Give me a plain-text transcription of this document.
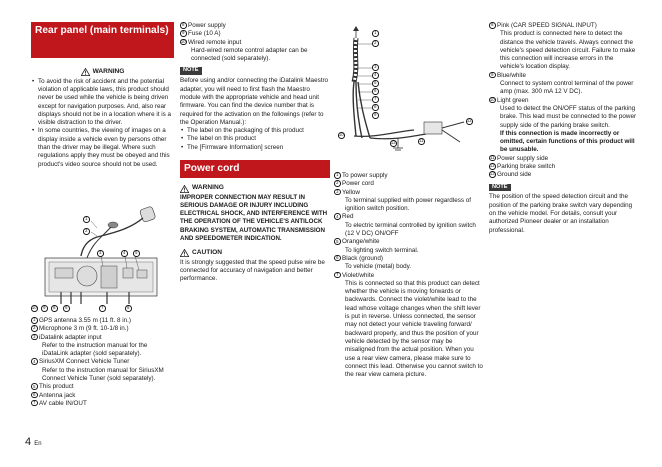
Rear panel (main terminals)
WARNING
• To avoid the risk of accident and the potential violation of applicable laws, this product should never be used while the vehicle is being driven except for navigation purposes. And, also rear displays should not be in a location where it is a visible distraction to the driver.
• In some countries, the viewing of images on a display inside a vehicle even by persons other than the driver may be illegal. Where such regulations apply they must be obeyed and this product's video source should not be used.
1
2
3	4	5
10	9	8	6	7	8
1 GPS antenna 3.55 m (11 ft. 8 in.)
2 Microphone 3 m (9 ft. 10-1/8 in.)
3 iDatalink adapter input
Refer to the instruction manual for the iDataLink adapter (sold separately).
4 SiriusXM Connect Vehicle Tuner
Refer to the instruction manual for SiriusXM Connect Vehicle Tuner (sold separately).
5 This product
6 Antenna jack
7 AV cable IN/OUT
8 Power supply
9 Fuse (10 A)
10 Wired remote input
Hard-wired remote control adapter can be connected (sold separately).
NOTE

Before using and/or connecting the iDatalink Maestro adapter, you will need to first flash the Maestro module with the appropriate vehicle and head unit firmware. You can find the device number that is required for the activation on the followings (refer to the Operation Manual.):

• The label on the packaging of this product
• The label on this product
• The [Firmware Information] screen
Power cord
WARNING

IMPROPER CONNECTION MAY RESULT IN SERIOUS DAMAGE OR INJURY INCLUDING ELECTRICAL SHOCK, AND INTERFERENCE WITH THE OPERATION OF THE VEHICLE'S ANTILOCK BRAKING SYSTEM, AUTOMATIC TRANSMISSION AND SPEEDOMETER INDICATION.

CAUTION

It is strongly suggested that the speed pulse wire be connected for accuracy of navigation and better performance.

1
2
3
4
5
6
7
8
9
10
11
12
13
1 To power supply
2 Power cord
3 Yellow
To terminal supplied with power regardless of ignition switch position.
4 Red
To electric terminal controlled by ignition switch (12 V DC) ON/OFF
5 Orange/white
To lighting switch terminal.
6 Black (ground)
To vehicle (metal) body.
7 Violet/white
This is connected so that this product can detect whether the vehicle is moving forwards or backwards. Connect the violet/white lead to the lead whose voltage changes when the shift lever is put in reverse. Unless connected, the sensor may not detect your vehicle traveling forward/ backward properly, and thus the position of your vehicle detected by the sensor may be misaligned from the actual position. When you use a rear view camera, please make sure to connect this lead. Otherwise you cannot switch to the rear view camera picture.
8 Pink (CAR SPEED SIGNAL INPUT)
This product is connected here to detect the distance the vehicle travels. Always connect the vehicle's speed detection circuit. Failure to make this connection will increase errors in the vehicle's location display.
9 Blue/white
Connect to system control terminal of the power amp (max. 300 mA 12 V DC).
10 Light green
Used to detect the ON/OFF status of the parking brake. This lead must be connected to the power supply side of the parking brake switch.
If this connection is made incorrectly or omitted, certain functions of this product will be unusable.
11 Power supply side
12 Parking brake switch
13 Ground side
NOTE

The position of the speed detection circuit and the position of the parking brake switch vary depending on the vehicle model. For details, consult your authorized Pioneer dealer or an installation professional.

4 En
